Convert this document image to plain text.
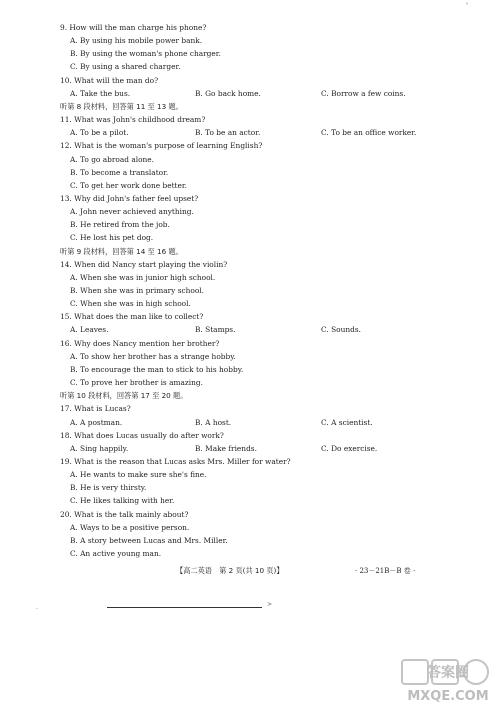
'
9. How will the man charge his phone?
A. By using his mobile power bank.
B. By using the woman's phone charger.
C. By using a shared charger.
10. What will the man do?
A. Take the bus.	B. Go back home.	C. Borrow a few coins.
听第 8 段材料，回答第 11 至 13 题。
11. What was John's childhood dream?
A. To be a pilot.	B. To be an actor.	C. To be an office worker.
12. What is the woman's purpose of learning English?
A. To go abroad alone.
B. To become a translator.
C. To get her work done better.
13. Why did John's father feel upset?
A. John never achieved anything.
B. He retired from the job.
C. He lost his pet dog.
听第 9 段材料，回答第 14 至 16 题。
14. When did Nancy start playing the violin?
A. When she was in junior high school.
B. When she was in primary school.
C. When she was in high school.
15. What does the man like to collect?
A. Leaves.	B. Stamps.	C. Sounds.
16. Why does Nancy mention her brother?
A. To show her brother has a strange hobby.
B. To encourage the man to stick to his hobby.
C. To prove her brother is amazing.
听第 10 段材料，回答第 17 至 20 题。
17. What is Lucas?
A. A postman.	B. A host.	C. A scientist.
18. What does Lucas usually do after work?
A. Sing happily.	B. Make friends.	C. Do exercise.
19. What is the reason that Lucas asks Mrs. Miller for water?
A. He wants to make sure she's fine.
B. He is very thirsty.
C. He likes talking with her.
20. What is the talk mainly about?
A. Ways to be a positive person.
B. A story between Lucas and Mrs. Miller.
C. An active young man.
【高二英语　第 2 页(共 10 页)】	· 23－21B－B 卷 ·
>
·
答案圈
MXQE.COM
